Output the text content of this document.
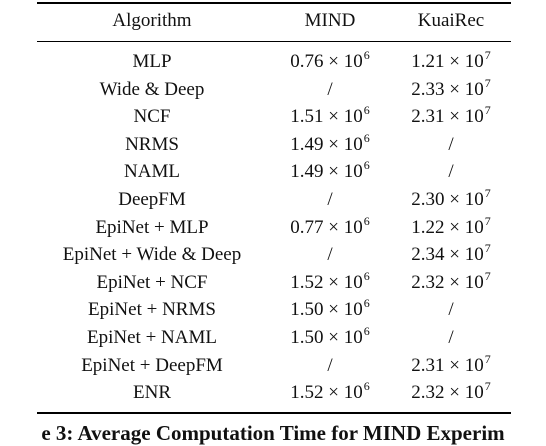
Algorithm	MIND	KuaiRec
MLP	$0.76 \times 10^6$	$1.21 \times 10^7$
Wide & Deep	/	$2.33 \times 10^7$
NCF	$1.51 \times 10^6$	$2.31 \times 10^7$
NRMS	$1.49 \times 10^6$	/
NAML	$1.49 \times 10^6$	/
DeepFM	/	$2.30 \times 10^7$
EpiNet + MLP	$0.77 \times 10^6$	$1.22 \times 10^7$
EpiNet + Wide & Deep	/	$2.34 \times 10^7$
EpiNet + NCF	$1.52 \times 10^6$	$2.32 \times 10^7$
EpiNet + NRMS	$1.50 \times 10^6$	/
EpiNet + NAML	$1.50 \times 10^6$	/
EpiNet + DeepFM	/	$2.31 \times 10^7$
ENR	$1.52 \times 10^6$	$2.32 \times 10^7$
e 3: Average Computation Time for MIND Experim
